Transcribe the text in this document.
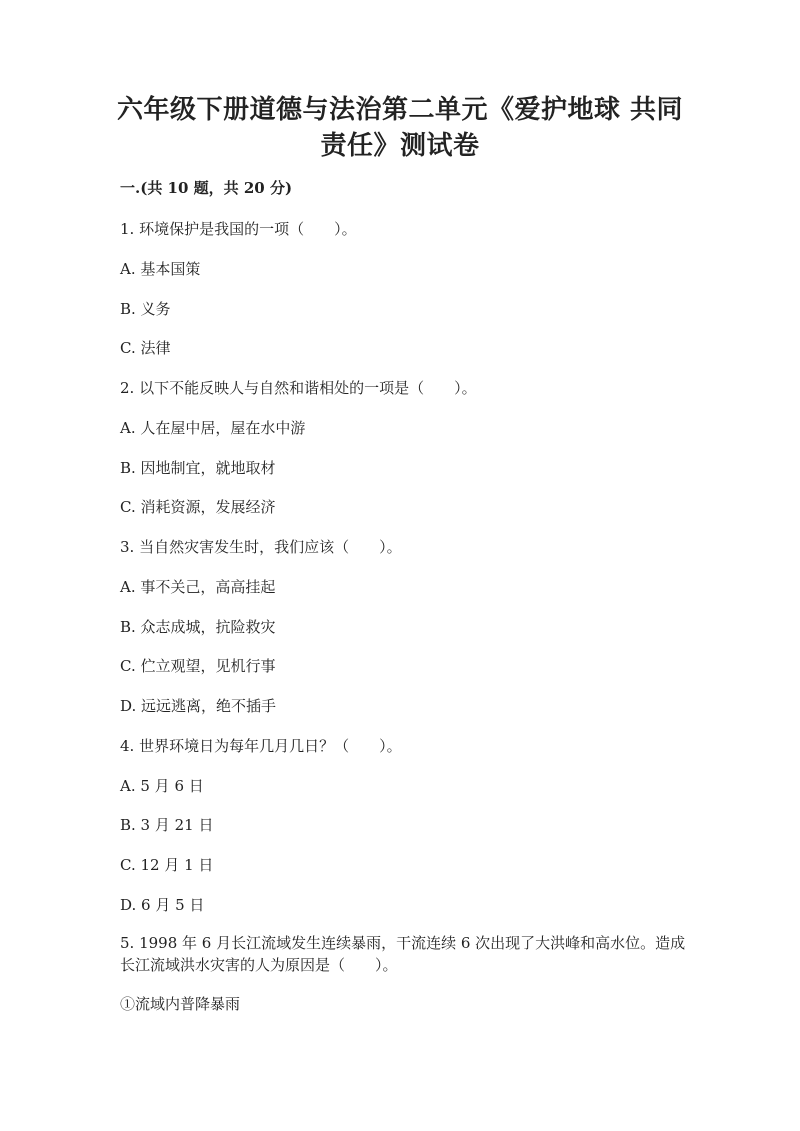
六年级下册道德与法治第二单元《爱护地球 共同责任》测试卷
一.(共 10 题，共 20 分)
1. 环境保护是我国的一项（　　）。
A. 基本国策
B. 义务
C. 法律
2. 以下不能反映人与自然和谐相处的一项是（　　）。
A. 人在屋中居，屋在水中游
B. 因地制宜，就地取材
C. 消耗资源，发展经济
3. 当自然灾害发生时，我们应该（　　）。
A. 事不关己，高高挂起
B. 众志成城，抗险救灾
C. 伫立观望，见机行事
D. 远远逃离，绝不插手
4. 世界环境日为每年几月几日？（　　）。
A. 5 月 6 日
B. 3 月 21 日
C. 12 月 1 日
D. 6 月 5 日
5. 1998 年 6 月长江流域发生连续暴雨，干流连续 6 次出现了大洪峰和高水位。造成长江流域洪水灾害的人为原因是（　　）。
①流域内普降暴雨
